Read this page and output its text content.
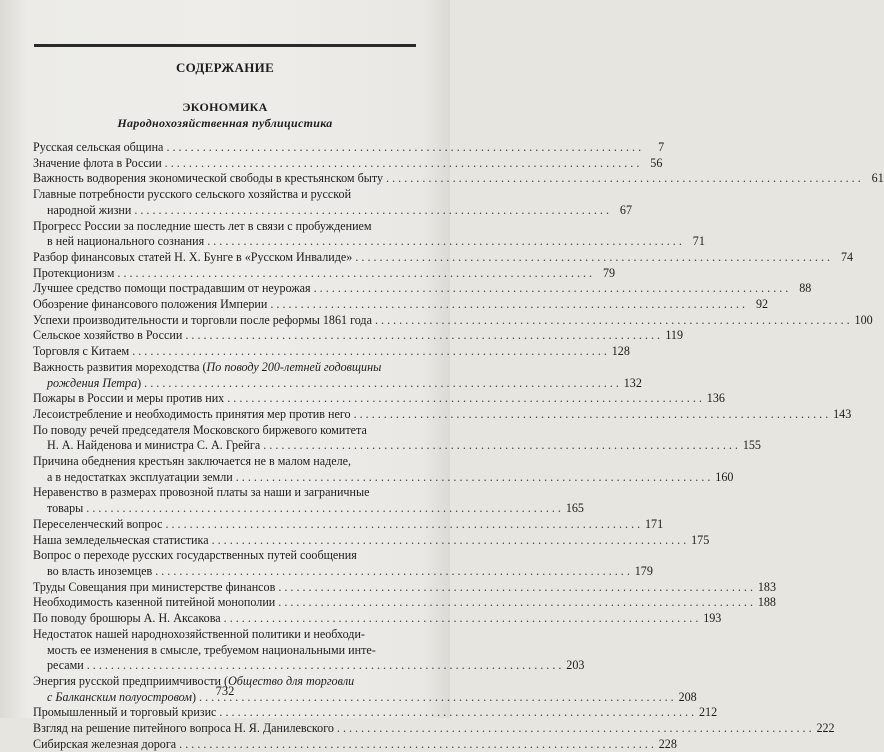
СОДЕРЖАНИЕ
ЭКОНОМИКА
Народнохозяйственная публицистика
Русская сельская община . . .	7
Значение флота в России . . .	56
Важность водворения экономической свободы в крестьянском быту . . .	61
Главные потребности русского сельского хозяйства и русской
народной жизни . . .	67
Прогресс России за последние шесть лет в связи с пробуждением
в ней национального сознания . . .	71
Разбор финансовых статей Н. Х. Бунге в «Русском Инвалиде» . . .	74
Протекционизм . . .	79
Лучшее средство помощи пострадавшим от неурожая . . .	88
Обозрение финансового положения Империи . . .	92
Успехи производительности и торговли после реформы 1861 года . . .	100
Сельское хозяйство в России . . .	119
Торговля с Китаем . . .	128
Важность развития мореходства (По поводу 200-летней годовщины
рождения Петра) . . .	132
Пожары в России и меры против них . . .	136
Лесоистребление и необходимость принятия мер против него . . .	143
По поводу речей председателя Московского биржевого комитета
Н. А. Найденова и министра С. А. Грейга . . .	155
Причина обеднения крестьян заключается не в малом наделе,
а в недостатках эксплуатации земли . . .	160
Неравенство в размерах провозной платы за наши и заграничные
товары . . .	165
Переселенческий вопрос . . .	171
Наша земледельческая статистика . . .	175
Вопрос о переходе русских государственных путей сообщения
во власть иноземцев . . .	179
Труды Совещания при министерстве финансов . . .	183
Необходимость казенной питейной монополии . . .	188
По поводу брошюры А. Н. Аксакова . . .	193
Недостаток нашей народнохозяйственной политики и необходи-
мость ее изменения в смысле, требуемом национальными инте-
ресами . . .	203
Энергия русской предприимчивости (Обществo для торговли
с Балканским полуостровом) . . .	208
Промышленный и торговый кризис . . .	212
Взгляд на решение питейного вопроса Н. Я. Данилевского . . .	222
Сибирская железная дорога . . .	228
732
